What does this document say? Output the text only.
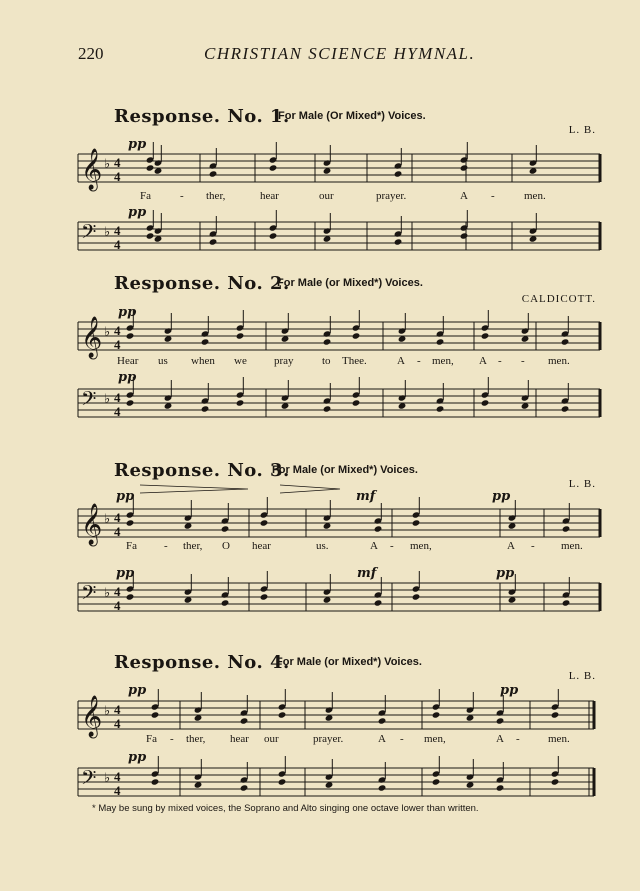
220	CHRISTIAN SCIENCE HYMNAL.
Response. No. 1.
For Male (Or Mixed*) Voices.
L. B.
pp
pp
𝄞 ♭ 4
4
Fa	- ther,	hear	our	prayer.	A -	men.
𝄢 ♭ 4
4
Response. No. 2.
For Male (or Mixed*) Voices.
CALDICOTT.
pp
pp
𝄞 ♭ 4
4
Hear us when we pray	to Thee.	A - men, A - - men.
𝄢 ♭ 4
4
Response. No. 3.
For Male (or Mixed*) Voices.
L. B.
pp	mf	pp
pp	mf	pp
𝄞 ♭ 4
4
Fa - ther, O hear	us.	A - men,	A - men.
𝄢 ♭ 4
4
Response. No. 4.
For Male (or Mixed*) Voices.
L. B.
pp	pp
pp
𝄞 ♭ 4
4
Fa - ther, hear our	prayer.	A - men,	A -	men.
𝄢 ♭ 4
4
* May be sung by mixed voices, the Soprano and Alto singing one octave lower than written.
